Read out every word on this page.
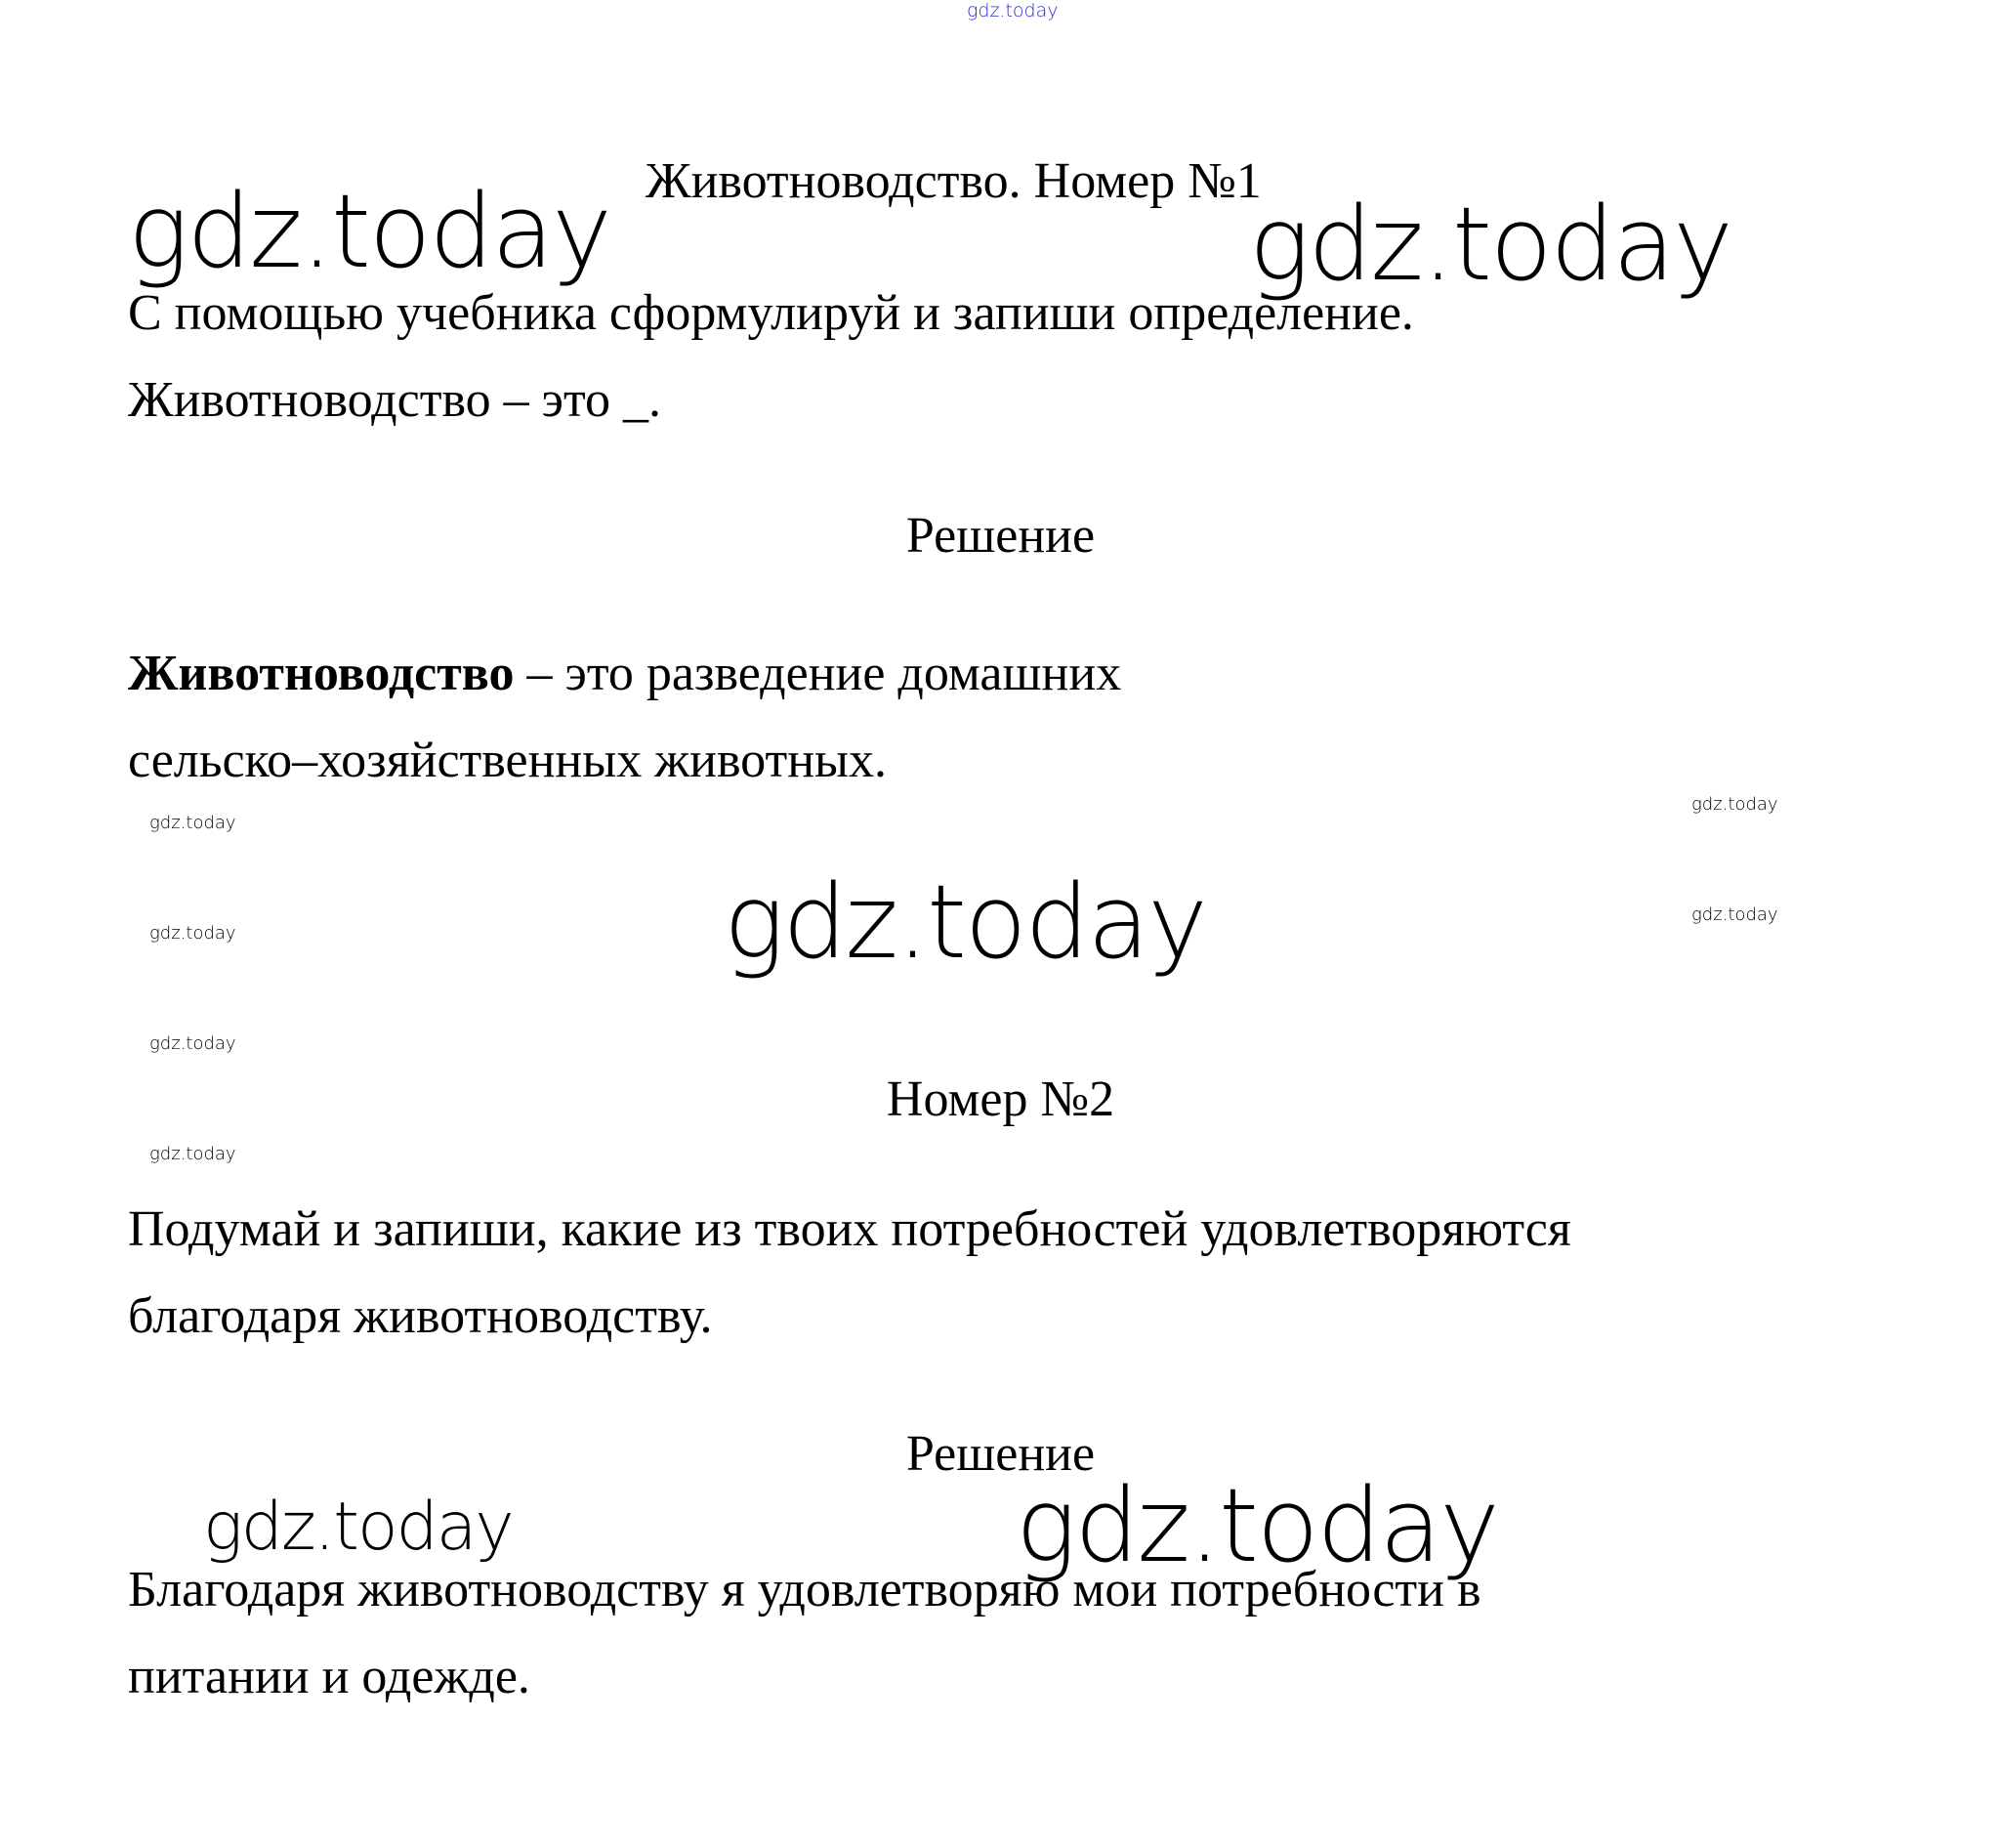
gdz.today
Животноводство. Номер №1
gdz.today	gdz.today
С помощью учебника сформулируй и запиши определение.
Животноводство – это _.
Решение
Животноводство – это разведение домашних
сельско–хозяйственных животных.
gdz.today
gdz.today
gdz.today
gdz.today
gdz.today
gdz.today
gdz.today
Номер №2
Подумай и запиши, какие из твоих потребностей удовлетворяются
благодаря животноводству.
Решение
gdz.today	gdz.today
Благодаря животноводству я удовлетворяю мои потребности в
питании и одежде.
